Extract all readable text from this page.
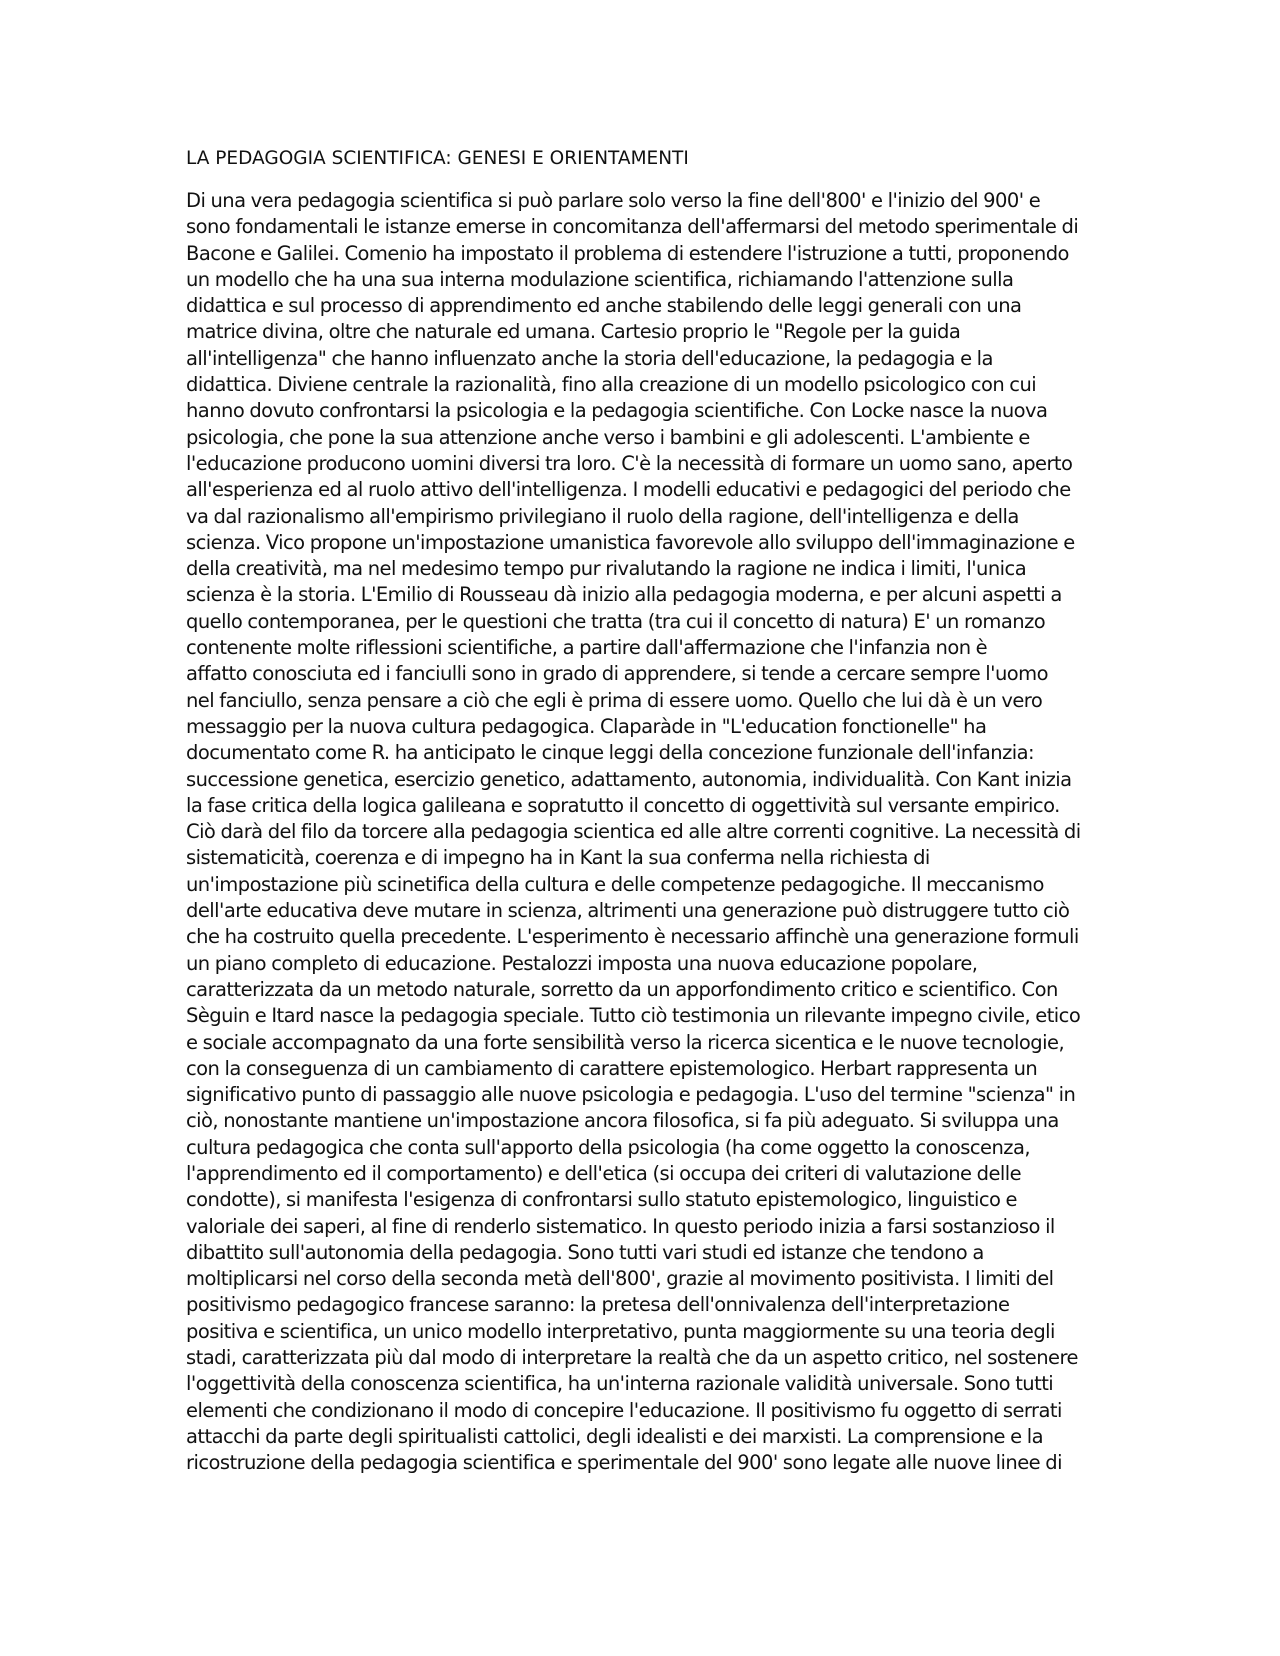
LA PEDAGOGIA SCIENTIFICA: GENESI E ORIENTAMENTI
Di una vera pedagogia scientifica si può parlare solo verso la fine dell'800' e l'inizio del 900' e
sono fondamentali le istanze emerse in concomitanza dell'affermarsi del metodo sperimentale di
Bacone e Galilei. Comenio ha impostato il problema di estendere l'istruzione a tutti, proponendo
un modello che ha una sua interna modulazione scientifica, richiamando l'attenzione sulla
didattica e sul processo di apprendimento ed anche stabilendo delle leggi generali con una
matrice divina, oltre che naturale ed umana. Cartesio proprio le "Regole per la guida
all'intelligenza" che hanno influenzato anche la storia dell'educazione, la pedagogia e la
didattica. Diviene centrale la razionalità, fino alla creazione di un modello psicologico con cui
hanno dovuto confrontarsi la psicologia e la pedagogia scientifiche. Con Locke nasce la nuova
psicologia, che pone la sua attenzione anche verso i bambini e gli adolescenti. L'ambiente e
l'educazione producono uomini diversi tra loro. C'è la necessità di formare un uomo sano, aperto
all'esperienza ed al ruolo attivo dell'intelligenza. I modelli educativi e pedagogici del periodo che
va dal razionalismo all'empirismo privilegiano il ruolo della ragione, dell'intelligenza e della
scienza. Vico propone un'impostazione umanistica favorevole allo sviluppo dell'immaginazione e
della creatività, ma nel medesimo tempo pur rivalutando la ragione ne indica i limiti, l'unica
scienza è la storia. L'Emilio di Rousseau dà inizio alla pedagogia moderna, e per alcuni aspetti a
quello contemporanea, per le questioni che tratta (tra cui il concetto di natura) E' un romanzo
contenente molte riflessioni scientifiche, a partire dall'affermazione che l'infanzia non è
affatto conosciuta ed i fanciulli sono in grado di apprendere, si tende a cercare sempre l'uomo
nel fanciullo, senza pensare a ciò che egli è prima di essere uomo. Quello che lui dà è un vero
messaggio per la nuova cultura pedagogica. Claparàde in "L'education fonctionelle" ha
documentato come R. ha anticipato le cinque leggi della concezione funzionale dell'infanzia:
successione genetica, esercizio genetico, adattamento, autonomia, individualità. Con Kant inizia
la fase critica della logica galileana e sopratutto il concetto di oggettività sul versante empirico.
Ciò darà del filo da torcere alla pedagogia scientica ed alle altre correnti cognitive. La necessità di
sistematicità, coerenza e di impegno ha in Kant la sua conferma nella richiesta di
un'impostazione più scinetifica della cultura e delle competenze pedagogiche. Il meccanismo
dell'arte educativa deve mutare in scienza, altrimenti una generazione può distruggere tutto ciò
che ha costruito quella precedente. L'esperimento è necessario affinchè una generazione formuli
un piano completo di educazione. Pestalozzi imposta una nuova educazione popolare,
caratterizzata da un metodo naturale, sorretto da un apporfondimento critico e scientifico. Con
Sèguin e Itard nasce la pedagogia speciale. Tutto ciò testimonia un rilevante impegno civile, etico
e sociale accompagnato da una forte sensibilità verso la ricerca sicentica e le nuove tecnologie,
con la conseguenza di un cambiamento di carattere epistemologico. Herbart rappresenta un
significativo punto di passaggio alle nuove psicologia e pedagogia. L'uso del termine "scienza" in
ciò, nonostante mantiene un'impostazione ancora filosofica, si fa più adeguato. Si sviluppa una
cultura pedagogica che conta sull'apporto della psicologia (ha come oggetto la conoscenza,
l'apprendimento ed il comportamento) e dell'etica (si occupa dei criteri di valutazione delle
condotte), si manifesta l'esigenza di confrontarsi sullo statuto epistemologico, linguistico e
valoriale dei saperi, al fine di renderlo sistematico. In questo periodo inizia a farsi sostanzioso il
dibattito sull'autonomia della pedagogia. Sono tutti vari studi ed istanze che tendono a
moltiplicarsi nel corso della seconda metà dell'800', grazie al movimento positivista. I limiti del
positivismo pedagogico francese saranno: la pretesa dell'onnivalenza dell'interpretazione
positiva e scientifica, un unico modello interpretativo, punta maggiormente su una teoria degli
stadi, caratterizzata più dal modo di interpretare la realtà che da un aspetto critico, nel sostenere
l'oggettività della conoscenza scientifica, ha un'interna razionale validità universale. Sono tutti
elementi che condizionano il modo di concepire l'educazione. Il positivismo fu oggetto di serrati
attacchi da parte degli spiritualisti cattolici, degli idealisti e dei marxisti. La comprensione e la
ricostruzione della pedagogia scientifica e sperimentale del 900' sono legate alle nuove linee di
